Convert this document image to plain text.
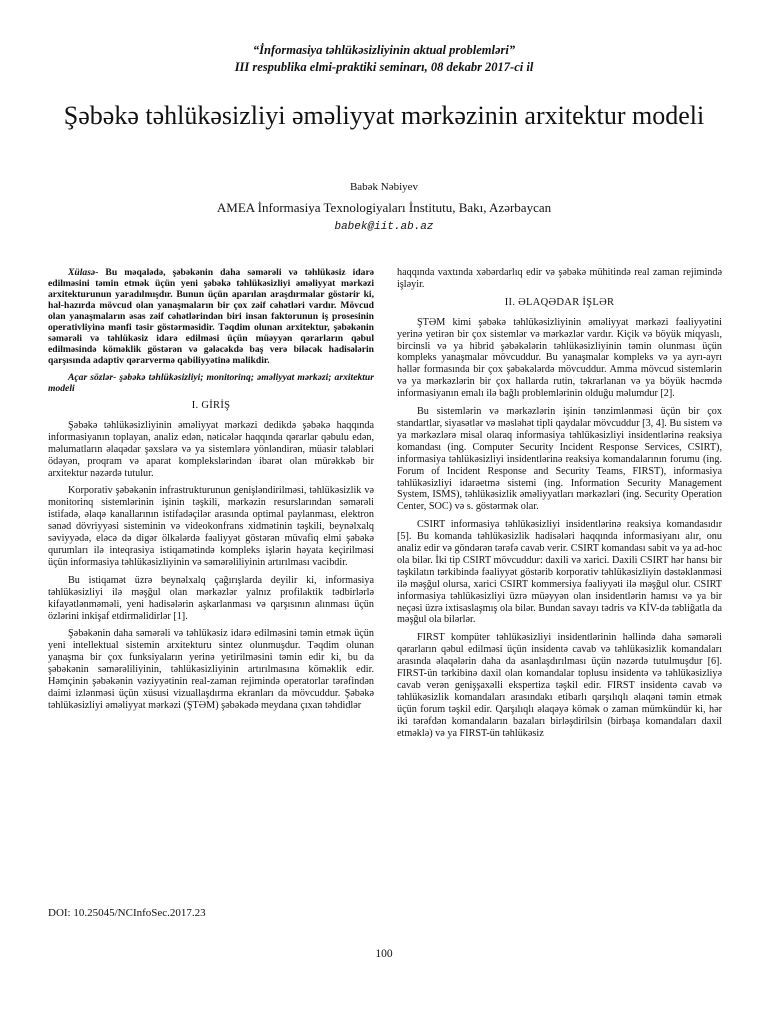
“İnformasiya təhlükəsizliyinin aktual problemləri”
III respublika elmi-praktiki seminarı, 08 dekabr 2017-ci il
Şəbəkə təhlükəsizliyi əməliyyat mərkəzinin arxitektur modeli
Babək Nəbiyev
AMEA İnformasiya Texnologiyaları İnstitutu, Bakı, Azərbaycan
babek@iit.ab.az

Xülasə- Bu məqalədə, şəbəkənin daha səmərəli və təhlükəsiz idarə edilməsini təmin etmək üçün yeni şəbəkə təhlükəsizliyi əməliyyat mərkəzi arxitekturunun yaradılmışdır. Bunun üçün aparılan araşdırmalar göstərir ki, hal-hazırda mövcud olan yanaşmaların bir çox zəif cəhətləri vardır. Mövcud olan yanaşmaların əsas zəif cəhətlərindən biri insan faktorunun iş prosesinin operativliyinə mənfi təsir göstərməsidir. Təqdim olunan arxitektur, şəbəkənin səmərəli və təhlükəsiz idarə edilməsi üçün müəyyən qərarların qəbul edilməsində köməklik göstərən və gələcəkdə baş verə biləcək hadisələrin qarşısında adaptiv qərarvermə qabiliyyətinə malikdir.

Açar sözlər- şəbəkə təhlükəsizliyi; monitorinq; əməliyyat mərkəzi; arxitektur modeli

I. GİRİŞ

Şəbəkə təhlükəsizliyinin əməliyyat mərkəzi dedikdə şəbəkə haqqında informasiyanın toplayan, analiz edən, nəticələr haqqında qərarlar qəbulu edən, məlumatların əlaqədar şəxslərə və ya sistemlərə yönləndirən, müasir tələbləri ödəyən, proqram və aparat komplekslərindən ibarət olan mürəkkəb bir arxitektur nəzərdə tutulur.

Korporativ şəbəkənin infrastrukturunun genişləndirilməsi, təhlükəsizlik və monitorinq sistemlərinin işinin təşkili, mərkəzin resurslarından səmərəli istifadə, əlaqə kanallarının istifadəçilər arasında optimal paylanması, elektron sənəd dövriyyəsi sisteminin və videokonfrans xidmətinin təşkili, beynəlxalq səviyyədə, eləcə də digər ölkələrdə fəaliyyət göstərən müvafiq elmi şəbəkə qurumları ilə inteqrasiya istiqamətində kompleks işlərin həyata keçirilməsi üçün informasiya təhlükəsizliyinin və səmərəliliyinin artırılması vacibdir.

Bu istiqamət üzrə beynəlxalq çağırışlarda deyilir ki, informasiya təhlükəsizliyi ilə məşğul olan mərkəzlər yalnız profilaktik tədbirlərlə kifayətlənməməli, yeni hadisələrin aşkarlanması və qarşısının alınması üçün özlərini inkişaf etdirməlidirlər [1].

Şəbəkənin daha səmərəli və təhlükəsiz idarə edilməsini təmin etmək üçün yeni intellektual sistemin arxitekturu sintez olunmuşdur. Təqdim olunan yanaşma bir çox funksiyaların yerinə yetirilməsini təmin edir ki, bu da şəbəkənin səmərəliliyinin, təhlükəsizliyinin artırılmasına köməklik edir. Həmçinin şəbəkənin vəziyyətinin real-zaman rejimində operatorlar tərəfindən daimi izlənməsi üçün xüsusi vizuallaşdırma ekranları da mövcuddur. Şəbəkə təhlükəsizliyi əməliyyat mərkəzi (ŞTƏM) şəbəkədə meydana çıxan təhdidlər

haqqında vaxtında xəbərdarlıq edir və şəbəkə mühitində real zaman rejimində işləyir.

II. ƏLAQƏDAR İŞLƏR

ŞTƏM kimi şəbəkə təhlükəsizliyinin əməliyyat mərkəzi fəaliyyətini yerinə yetirən bir çox sistemlər və mərkəzlər vardır. Kiçik və böyük miqyaslı, bircinsli və ya hibrid şəbəkələrin təhlükəsizliyinin təmin olunması üçün kompleks yanaşmalar mövcuddur. Bu yanaşmalar kompleks və ya ayrı-ayrı həllər formasında bir çox şəbəkələrdə mövcuddur. Amma mövcud sistemlərin və ya mərkəzlərin bir çox hallarda rutin, təkrarlanan və ya böyük həcmdə informasiyanın emalı ilə bağlı problemlərinin olduğu məlumdur [2].

Bu sistemlərin və mərkəzlərin işinin tənzimlənməsi üçün bir çox standartlar, siyasətlər və məsləhət tipli qaydalar mövcuddur [3, 4]. Bu sistem və ya mərkəzlərə misal olaraq informasiya təhlükəsizliyi insidentlərinə reaksiya komandası (ing. Computer Security Incident Response Services, CSIRT), informasiya təhlükəsizliyi insidentlərinə reaksiya komandalarının forumu (ing. Forum of Incident Response and Security Teams, FIRST), informasiya təhlükəsizliyi idarəetmə sistemi (ing. Information Security Management System, ISMS), təhlükəsizlik əməliyyatları mərkəzləri (ing. Security Operation Center, SOC) və s. göstərmək olar.

CSIRT informasiya təhlükəsizliyi insidentlərinə reaksiya komandasıdır [5]. Bu komanda təhlükəsizlik hadisələri haqqında informasiyanı alır, onu analiz edir və göndərən tərəfə cavab verir. CSIRT komandası sabit və ya ad-hoc ola bilər. İki tip CSIRT mövcuddur: daxili və xarici. Daxili CSIRT hər hansı bir təşkilatın tərkibində fəaliyyət göstərib korporativ təhlükəsizliyin dəstəklənməsi ilə məşğul olursa, xarici CSIRT kommersiya fəaliyyəti ilə məşğul olur. CSIRT informasiya təhlükəsizliyi üzrə müəyyən olan insidentlərin hamısı və ya bir neçəsi üzrə ixtisaslaşmış ola bilər. Bundan savayı tədris və KİV-də təbliğatla da məşğul ola bilərlər.

FIRST kompüter təhlükəsizliyi insidentlərinin həllində daha səmərəli qərarların qəbul edilməsi üçün insidentə cavab və təhlükəsizlik komandaları arasında əlaqələrin daha da asanlaşdırılması üçün nəzərdə tutulmuşdur [6]. FIRST-ün tərkibinə daxil olan komandalar toplusu insidentə və təhlükəsizliyə cavab verən genişşaxəlli ekspertiza təşkil edir. FIRST insidentə cavab və təhlükəsizlik komandaları arasındakı etibarlı qarşılıqlı əlaqəni təmin etmək üçün forum təşkil edir. Qarşılıqlı əlaqəyə kömək o zaman mümkündür ki, hər iki tərəfdən komandaların bazaları birləşdirilsin (birbaşa komandaları daxil etməklə) və ya FIRST-ün təhlükəsiz

DOI: 10.25045/NCInfoSec.2017.23
100
